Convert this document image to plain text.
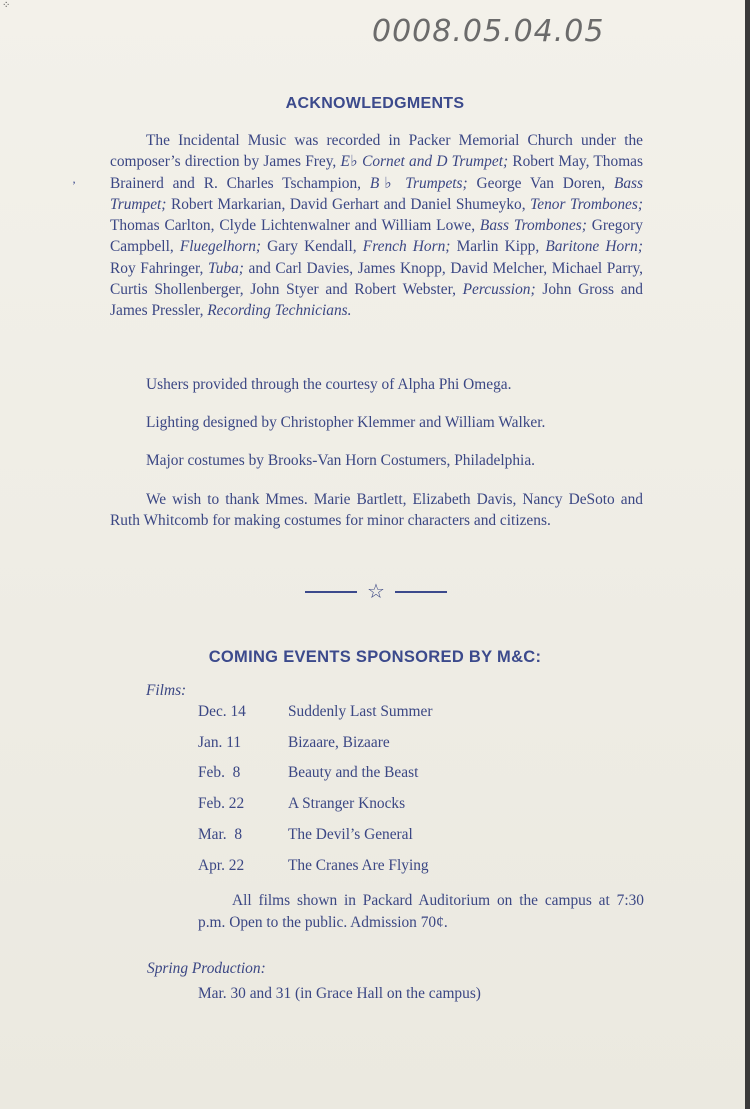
0008.05.04.05
ACKNOWLEDGMENTS
The Incidental Music was recorded in Packer Memorial Church under the composer’s direction by James Frey, E♭ Cornet and D Trumpet; Robert May, Thomas Brainerd and R. Charles Tschampion, B♭ Trumpets; George Van Doren, Bass Trumpet; Robert Markarian, David Gerhart and Daniel Shumeyko, Tenor Trombones; Thomas Carlton, Clyde Lichtenwalner and William Lowe, Bass Trombones; Gregory Campbell, Fluegelhorn; Gary Kendall, French Horn; Marlin Kipp, Baritone Horn; Roy Fahringer, Tuba; and Carl Davies, James Knopp, David Melcher, Michael Parry, Curtis Shollenberger, John Styer and Robert Webster, Percussion; John Gross and James Pressler, Recording Technicians.
Ushers provided through the courtesy of Alpha Phi Omega.
Lighting designed by Christopher Klemmer and William Walker.
Major costumes by Brooks-Van Horn Costumers, Philadelphia.
We wish to thank Mmes. Marie Bartlett, Elizabeth Davis, Nancy DeSoto and Ruth Whitcomb for making costumes for minor characters and citizens.
☆
COMING EVENTS SPONSORED BY M&C:
Films:
Dec. 14	Suddenly Last Summer
Jan. 11	Bizaare, Bizaare
Feb.  8	Beauty and the Beast
Feb. 22	A Stranger Knocks
Mar.  8	The Devil’s General
Apr. 22	The Cranes Are Flying
All films shown in Packard Auditorium on the campus at 7:30 p.m. Open to the public. Admission 70¢.
Spring Production:
Mar. 30 and 31 (in Grace Hall on the campus)
⁘
’
